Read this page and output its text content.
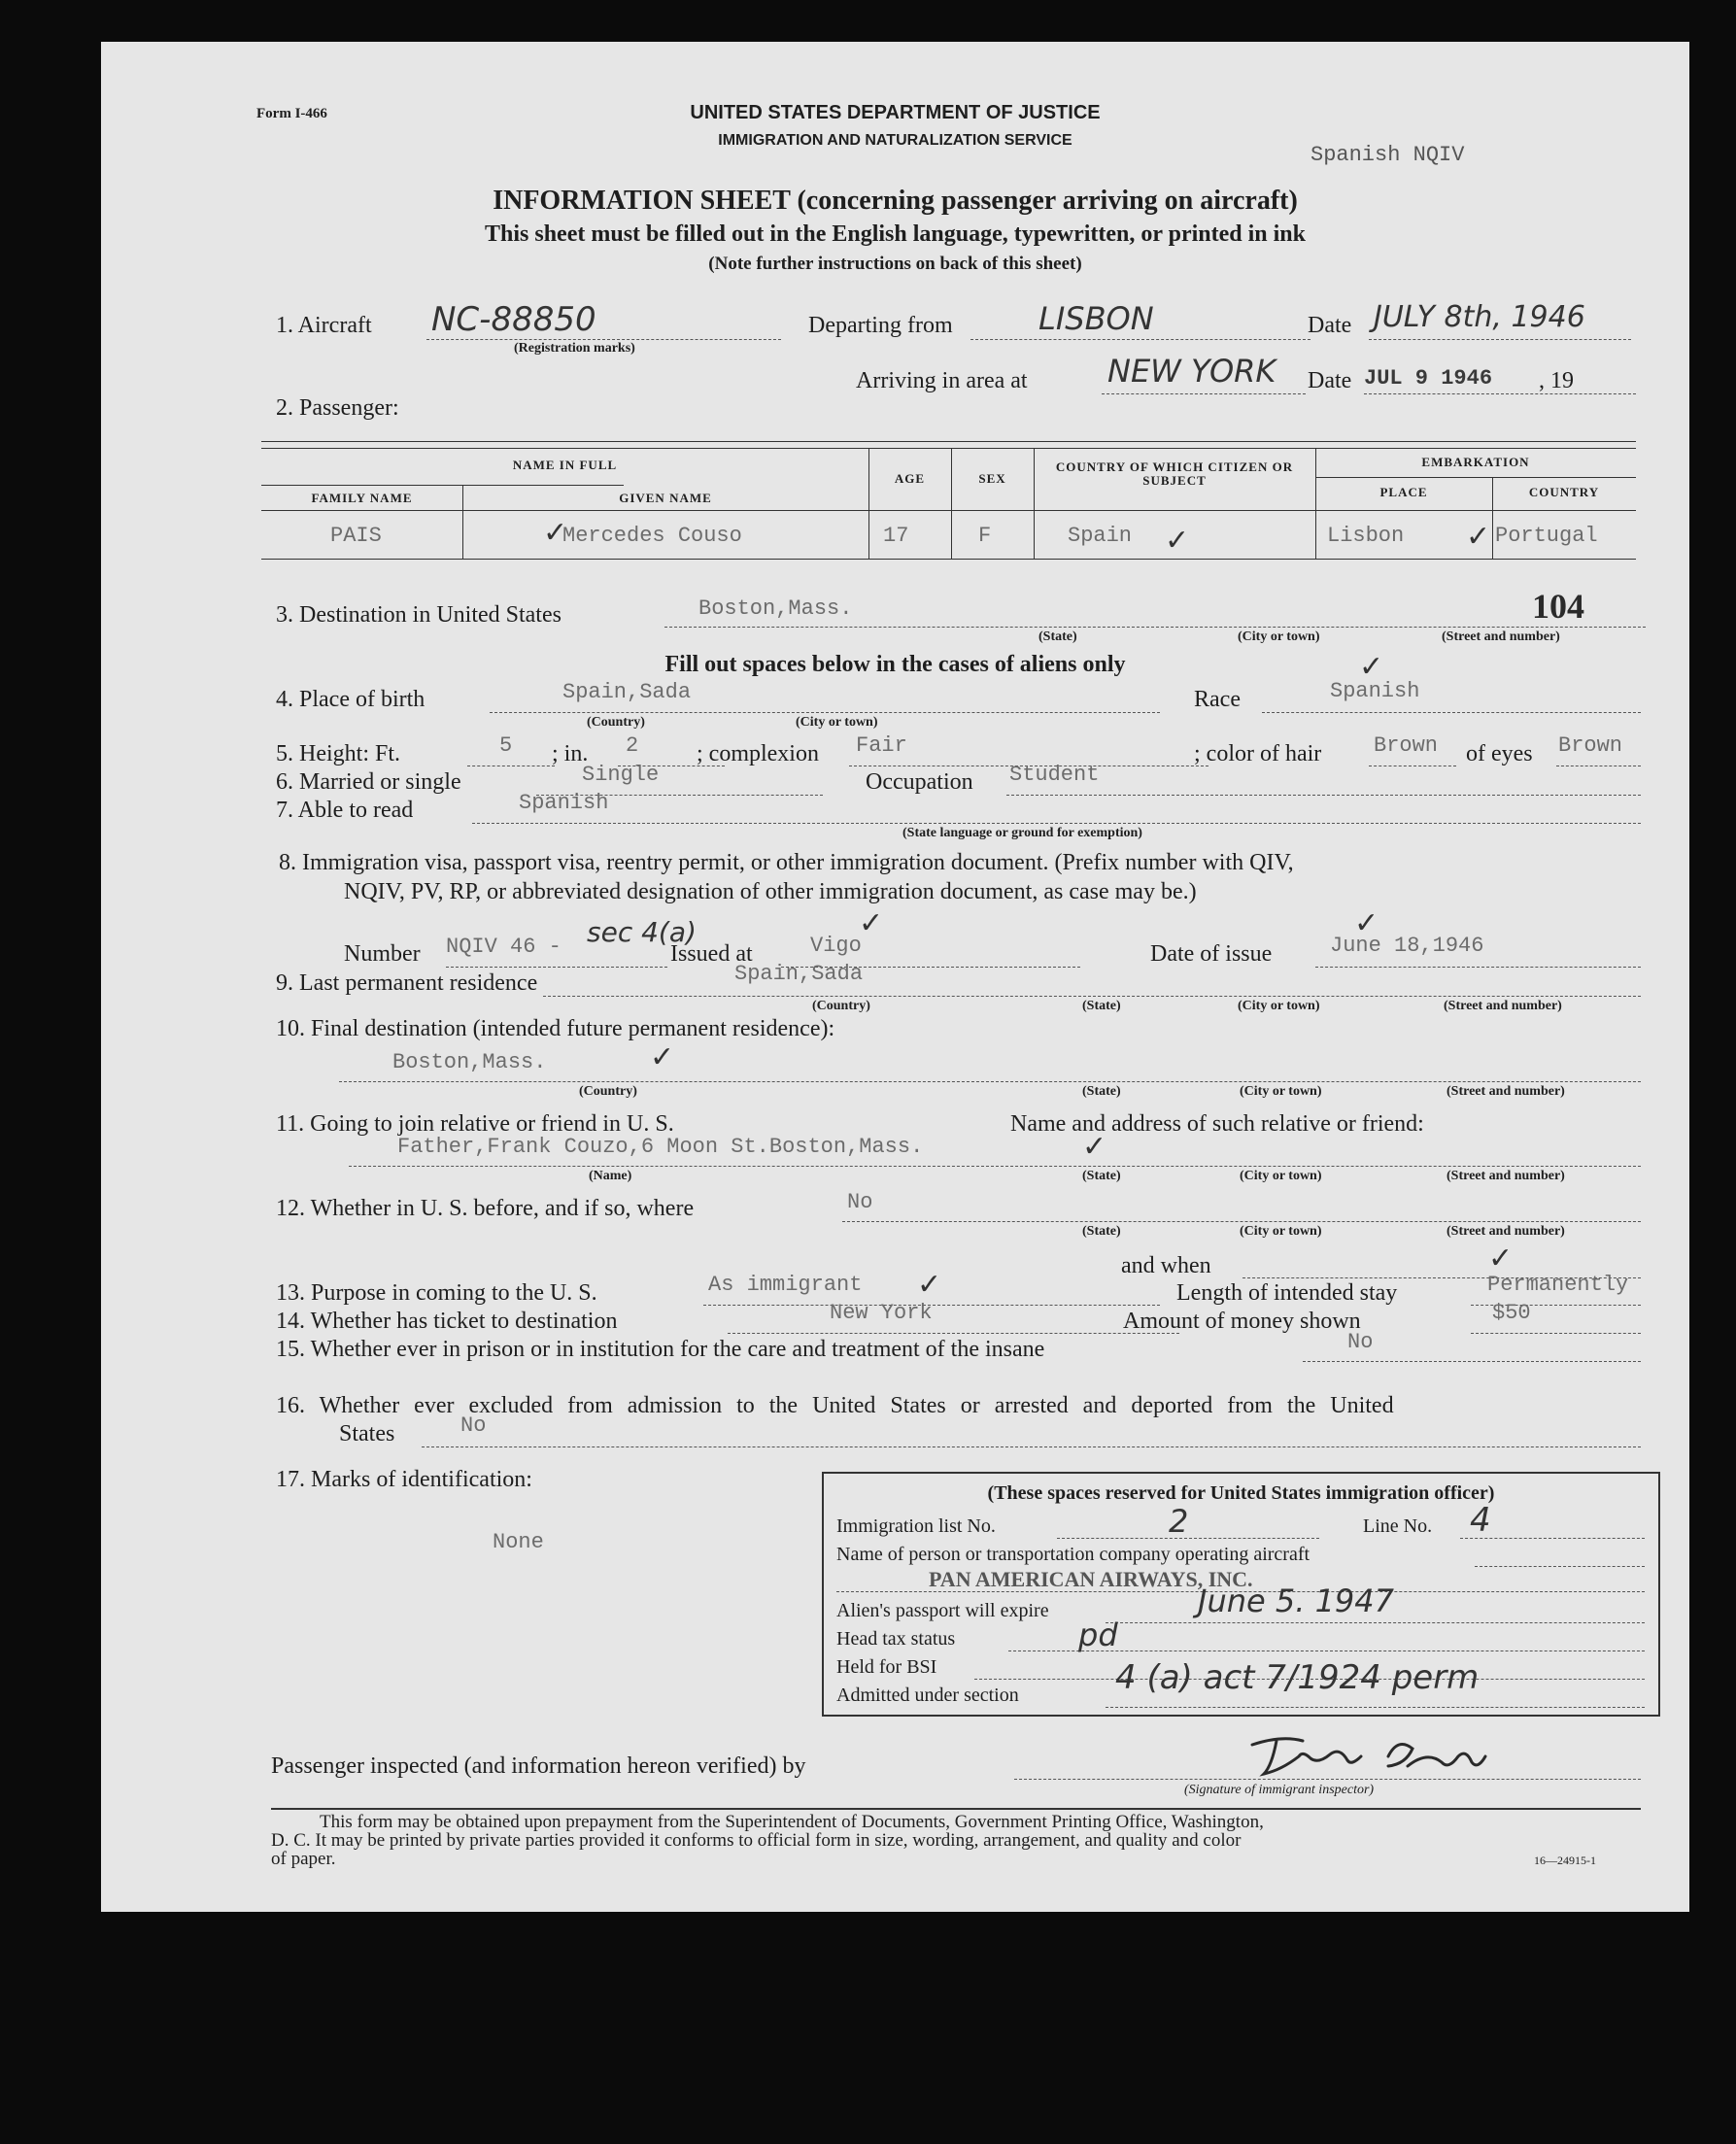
Form I-466	UNITED STATES DEPARTMENT OF JUSTICE
IMMIGRATION AND NATURALIZATION SERVICE
Spanish NQIV
INFORMATION SHEET (concerning passenger arriving on aircraft)
This sheet must be filled out in the English language, typewritten, or printed in ink
(Note further instructions on back of this sheet)
1. Aircraft NC-88850
(Registration marks)
Departing from	LISBON	Date JULY 8th, 1946
Arriving in area at	NEW YORK Date JUL 9 1946 , 19
2. Passenger:
NAME IN FULL
FAMILY NAME	GIVEN NAME
AGE	SEX
COUNTRY OF WHICH CITIZEN OR SUBJECT
EMBARKATION
PLACE	COUNTRY
PAIS	Mercedes Couso	17	F	Spain	Lisbon	Portugal
✓	✓	✓
3. Destination in United States	Boston,Mass.	104
(State)	(City or town)	(Street and number)
Fill out spaces below in the cases of aliens only
4. Place of birth	Spain,Sada
(Country)	(City or town)
Race	Spanish
✓
5. Height: Ft.	5 ; in. 2 ; complexion Fair	; color of hair Brown of eyes Brown
6. Married or single	Single	Occupation Student
7. Able to read	Spanish
(State language or ground for exemption)
8. Immigration visa, passport visa, reentry permit, or other immigration document. (Prefix number with QIV,
NQIV, PV, RP, or abbreviated designation of other immigration document, as case may be.)
Number NQIV 46 - sec 4(a)
Issued at	Vigo	Date of issue	June 18,1946
✓
✓
9. Last permanent residence	Spain,Sada
(Country)	(State)	(City or town)	(Street and number)
10. Final destination (intended future permanent residence):
Boston,Mass.	✓
(Country)	(State)	(City or town)	(Street and number)
11. Going to join relative or friend in U. S.	Name and address of such relative or friend:
Father,Frank Couzo,6 Moon St.Boston,Mass.	✓
(Name)	(State)	(City or town)	(Street and number)
12. Whether in U. S. before, and if so, where	No
(State)	(City or town)	(Street and number)
and when	✓
13. Purpose in coming to the U. S.	As immigrant ✓	Length of intended stay	Permanently
14. Whether has ticket to destination	New York	Amount of money shown	$50
15. Whether ever in prison or in institution for the care and treatment of the insane	No
16. Whether ever excluded from admission to the United States or arrested and deported from the United
States	No
17. Marks of identification:
None
(These spaces reserved for United States immigration officer)
Immigration list No.	2	Line No. 4
Name of person or transportation company operating aircraft
PAN AMERICAN AIRWAYS, INC.
Alien's passport will expire	June 5. 1947
Head tax status	pd
Held for BSI
Admitted under section	4 (a) act 7/1924 perm
Passenger inspected (and information hereon verified) by
(Signature of immigrant inspector)
This form may be obtained upon prepayment from the Superintendent of Documents, Government Printing Office, Washington,
D. C. It may be printed by private parties provided it conforms to official form in size, wording, arrangement, and quality and color
of paper.	16—24915-1
